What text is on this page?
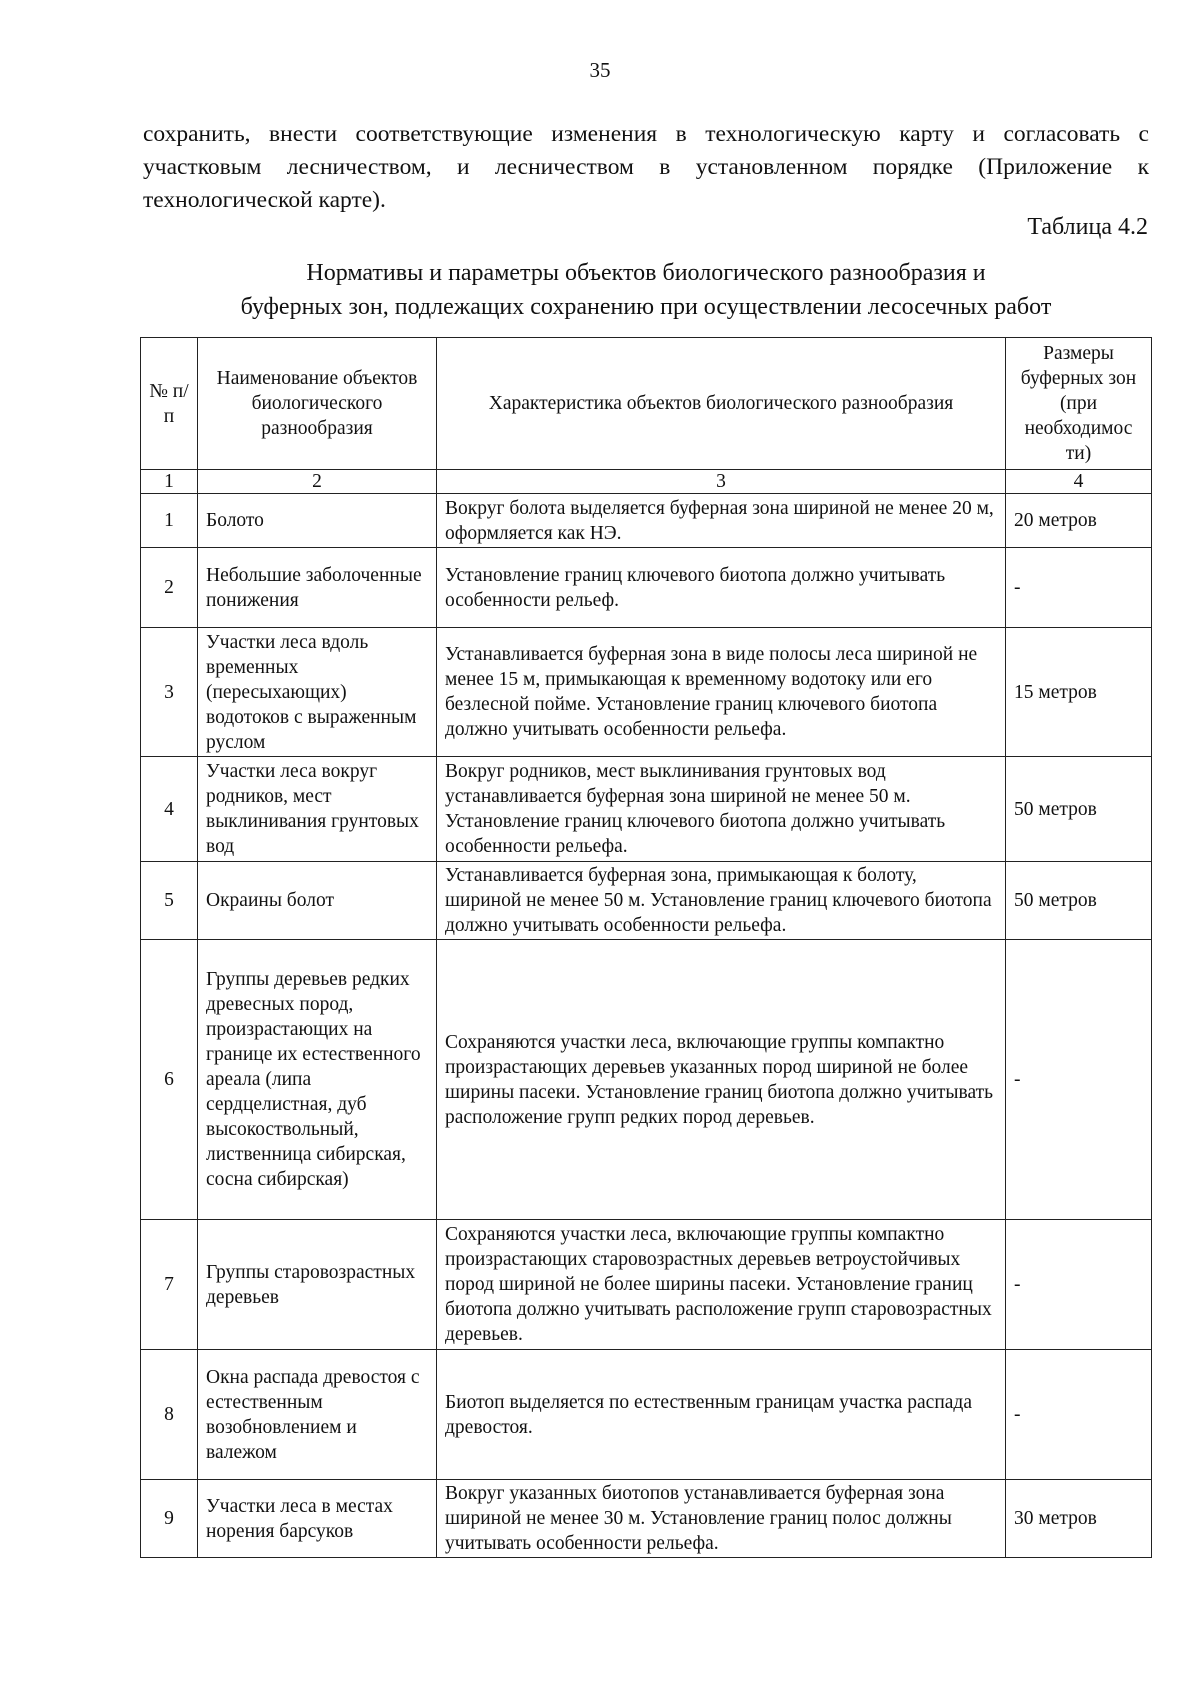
35
сохранить, внести соответствующие изменения в технологическую карту и согласовать с участковым лесничеством, и лесничеством в установленном порядке (Приложение к технологической карте).
Таблица 4.2
Нормативы и параметры объектов биологического разнообразия и
буферных зон, подлежащих сохранению при осуществлении лесосечных работ
№ п/п	Наименование объектов биологического разнообразия	Характеристика объектов биологического разнообразия	Размеры буферных зон (при необходимос ти)
1	2	3	4
1	Болото	Вокруг болота выделяется буферная зона шириной не менее 20 м, оформляется как НЭ.	20 метров
2	Небольшие заболоченные понижения	Установление границ ключевого биотопа должно учитывать особенности рельеф.	-
3	Участки леса вдоль временных (пересыхающих) водотоков с выраженным руслом	Устанавливается буферная зона в виде полосы леса шириной не менее 15 м, примыкающая к временному водотоку или его безлесной пойме. Установление границ ключевого биотопа должно учитывать особенности рельефа.	15 метров
4	Участки леса вокруг родников, мест выклинивания грунтовых вод	Вокруг родников, мест выклинивания грунтовых вод устанавливается буферная зона шириной не менее 50 м. Установление границ ключевого биотопа должно учитывать особенности рельефа.	50 метров
5	Окраины болот	Устанавливается буферная зона, примыкающая к болоту, шириной не менее 50 м. Установление границ ключевого биотопа должно учитывать особенности рельефа.	50 метров
6	Группы деревьев редких древесных пород, произрастающих на границе их естественного ареала (липа сердцелистная, дуб высокоствольный, лиственница сибирская, сосна сибирская)	Сохраняются участки леса, включающие группы компактно произрастающих деревьев указанных пород шириной не более ширины пасеки. Установление границ биотопа должно учитывать расположение групп редких пород деревьев.	-
7	Группы старовозрастных деревьев	Сохраняются участки леса, включающие группы компактно произрастающих старовозрастных деревьев ветроустойчивых пород шириной не более ширины пасеки. Установление границ биотопа должно учитывать расположение групп старовозрастных деревьев.	-
8	Окна распада древостоя с естественным возобновлением и валежом	Биотоп выделяется по естественным границам участка распада древостоя.	-
9	Участки леса в местах норения барсуков	Вокруг указанных биотопов устанавливается буферная зона шириной не менее 30 м. Установление границ полос должны учитывать особенности рельефа.	30 метров
